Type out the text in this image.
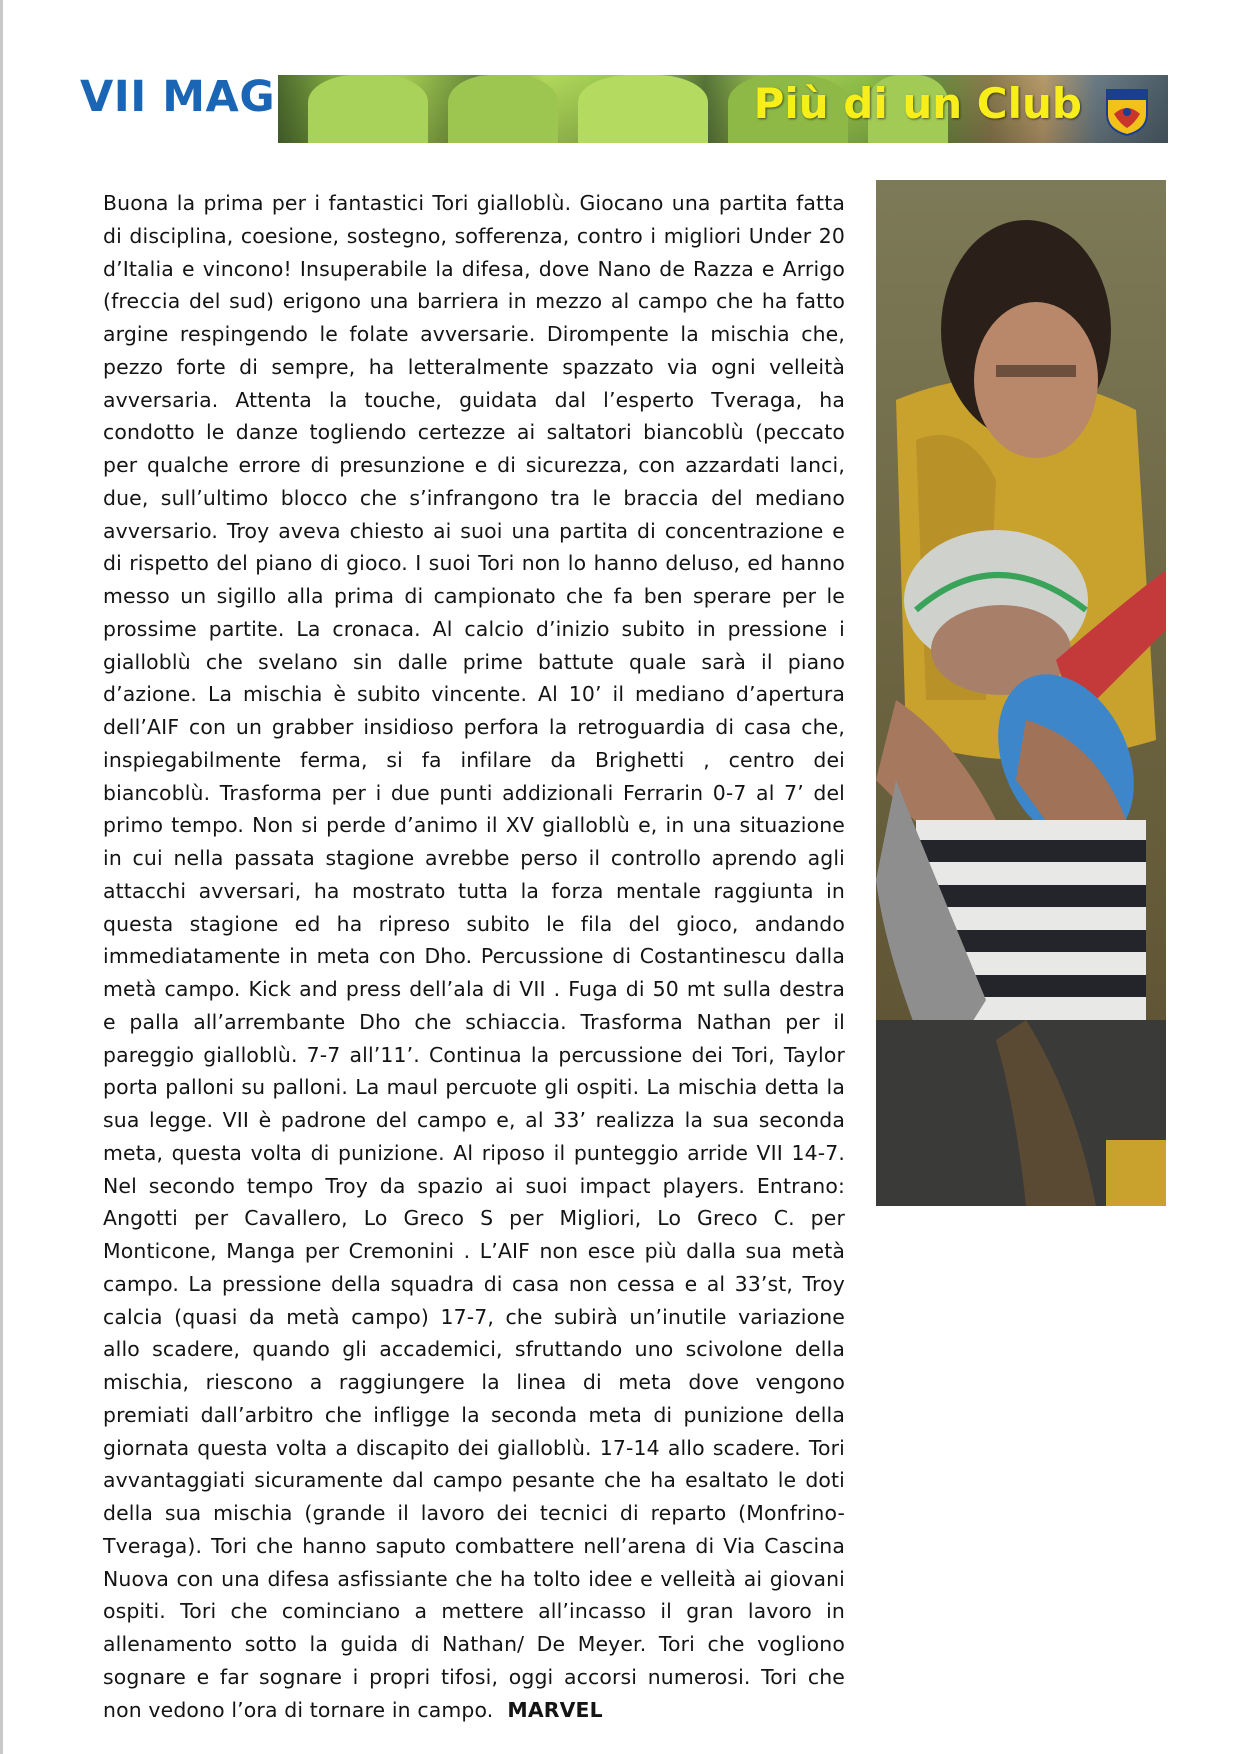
VII MAG	Più di un Club

Buona la prima per i fantastici Tori giallоblù. Giocano una partita fatta di disciplina, coesione, sostegno, sofferenza, contro i migliori Under 20 d’Italia e vincono! Insuperabile la difesa, dove Nano de Razza e Arrigo (freccia del sud) erigono una barriera in mezzo al campo che ha fatto argine respingendo le folate avversarie. Dirompente la mischia che, pezzo forte di sempre, ha letteralmente spazzato via ogni velleità avversaria. Attenta la touche, guidata dal l’esperto Tveraga, ha condotto le danze togliendo certezze ai saltatori biancoblù (peccato per qualche errore di presunzione e di sicurezza, con azzardati lanci, due, sull’ultimo blocco che s’infrangono tra le braccia del mediano avversario. Troy aveva chiesto ai suoi una partita di concentrazione e di rispetto del piano di gioco. I suoi Tori non lo hanno deluso, ed hanno messo un sigillo alla prima di campionato che fa ben sperare per le prossime partite. La cronaca. Al calcio d’inizio subito in pressione i gialloblù che svelano sin dalle prime battute quale sarà il piano d’azione. La mischia è subito vincente. Al 10’ il mediano d’apertura dell’AIF con un grabber insidioso perfora la retroguardia di casa che, inspiegabilmente ferma, si fa infilare da Brighetti , centro dei biancoblù. Trasforma per i due punti addizionali Ferrarin 0-7 al 7’ del primo tempo. Non si perde d’animo il XV gialloblù e, in una situazione in cui nella passata stagione avrebbe perso il controllo aprendo agli attacchi avversari, ha mostrato tutta la forza mentale raggiunta in questa stagione ed ha ripreso subito le fila del gioco, andando immediatamente in meta con Dho. Percussione di Costantinescu dalla metà campo. Kick and press dell’ala di VII . Fuga di 50 mt sulla destra e palla all’arrembante Dho che schiaccia. Trasforma Nathan per il pareggio gialloblù. 7-7 all’11’. Continua la percussione dei Tori, Taylor porta palloni su palloni. La maul percuote gli ospiti. La mischia detta la sua legge. VII è padrone del campo e, al 33’ realizza la sua seconda meta, questa volta di punizione. Al riposo il punteggio arride VII 14-7. Nel secondo tempo Troy da spazio ai suoi impact players. Entrano: Angotti per Cavallero, Lo Greco S per Migliori, Lo Greco C. per Monticone, Manga per Cremonini . L’AIF non esce più dalla sua metà campo. La pressione della squadra di casa non cessa e al 33’st, Troy calcia (quasi da metà campo) 17-7, che subirà un’inutile variazione allo scadere, quando gli accademici, sfruttando uno scivolone della mischia, riescono a raggiungere la linea di meta dove vengono premiati dall’arbitro che infligge la seconda meta di punizione della giornata questa volta a discapito dei gialloblù. 17-14 allo scadere. Tori avvantaggiati sicuramente dal campo pesante che ha esaltato le doti della sua mischia (grande il lavoro dei tecnici di reparto (Monfrino-Tveraga). Tori che hanno saputo combattere nell’arena di Via Cascina Nuova con una difesa asfissiante che ha tolto idee e velleità ai giovani ospiti. Tori che cominciano a mettere all’incasso il gran lavoro in allenamento sotto la guida di Nathan/ De Meyer. Tori che vogliono sognare e far sognare i propri tifosi, oggi accorsi numerosi. Tori che non vedono l’ora di tornare in campo. MARVEL
